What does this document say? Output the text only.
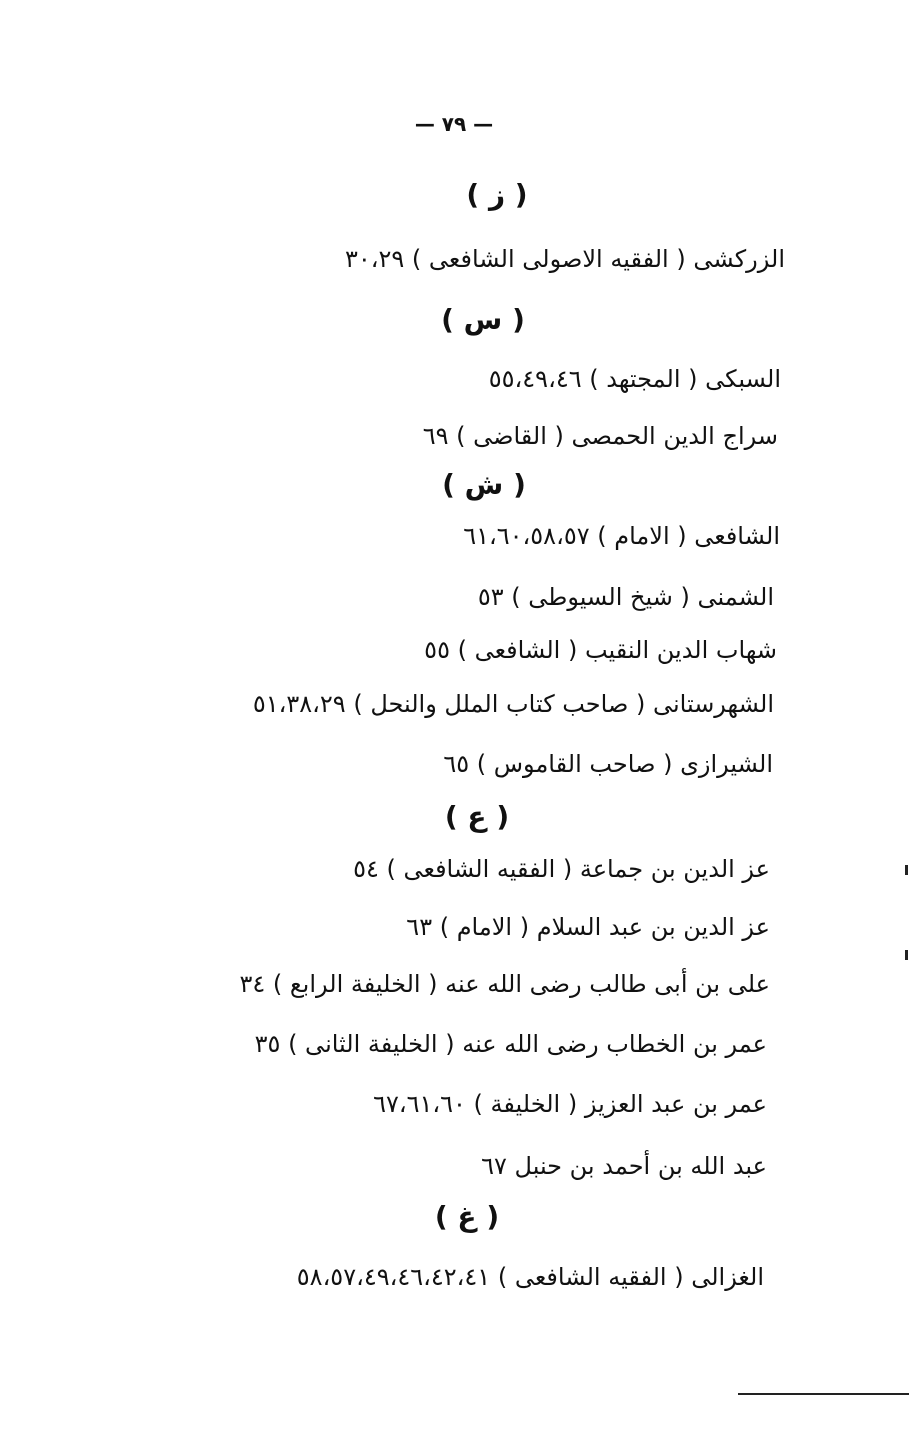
— ٧٩ —
( ز )
الزركشى ( الفقيه الاصولى الشافعى ) ٣٠،٢٩
( س )
السبكى ( المجتهد ) ٥٥،٤٩،٤٦
سراج الدين الحمصى ( القاضى ) ٦٩
( ش )
الشافعى ( الامام ) ٦١،٦٠،٥٨،٥٧
الشمنى ( شيخ السيوطى ) ٥٣
شهاب الدين النقيب ( الشافعى ) ٥٥
الشهرستانى ( صاحب كتاب الملل والنحل ) ٥١،٣٨،٢٩
الشيرازى ( صاحب القاموس ) ٦٥
( ع )
عز الدين بن جماعة ( الفقيه الشافعى ) ٥٤
عز الدين بن عبد السلام ( الامام ) ٦٣
على بن أبى طالب رضى الله عنه ( الخليفة الرابع ) ٣٤
عمر بن الخطاب رضى الله عنه ( الخليفة الثانى ) ٣٥
عمر بن عبد العزيز ( الخليفة ) ٦٧،٦١،٦٠
عبد الله بن أحمد بن حنبل ٦٧
( غ )
الغزالى ( الفقيه الشافعى ) ٥٨،٥٧،٤٩،٤٦،٤٢،٤١
